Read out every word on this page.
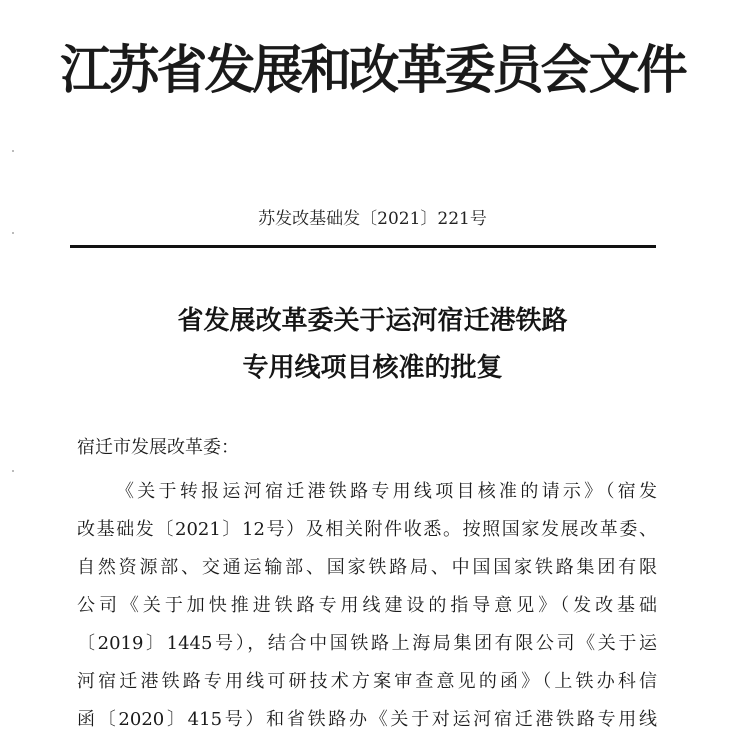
江苏省发展和改革委员会文件
苏发改基础发〔2021〕221号
省发展改革委关于运河宿迁港铁路
专用线项目核准的批复
宿迁市发展改革委：
《关于转报运河宿迁港铁路专用线项目核准的请示》（宿发
改基础发〔2021〕12号）及相关附件收悉。按照国家发展改革委、
自然资源部、交通运输部、国家铁路局、中国国家铁路集团有限
公司《关于加快推进铁路专用线建设的指导意见》（发改基础
〔2019〕1445号），结合中国铁路上海局集团有限公司《关于运
河宿迁港铁路专用线可研技术方案审查意见的函》（上铁办科信
函〔2020〕415号）和省铁路办《关于对运河宿迁港铁路专用线
